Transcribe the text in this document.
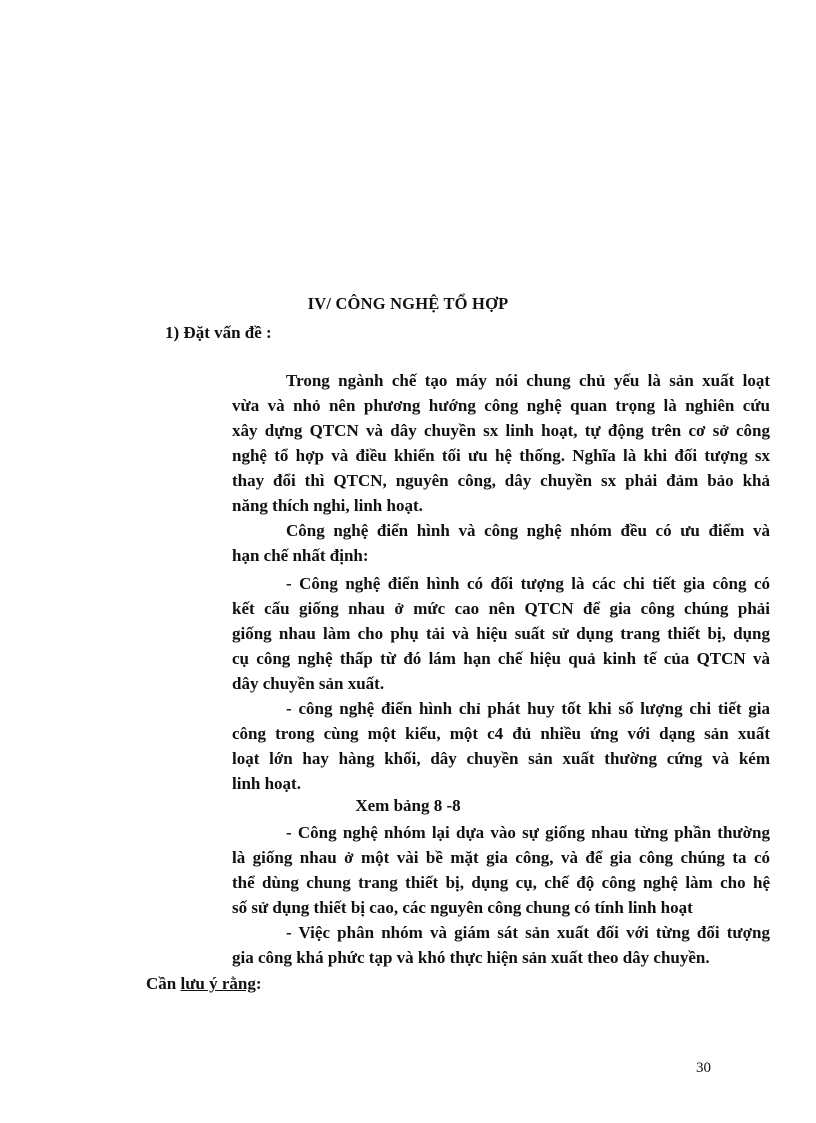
IV/ CÔNG NGHỆ TỔ HỢP
1) Đặt vấn đề :
Trong ngành chế tạo máy nói chung chủ yếu là sản xuất loạt
vừa và nhỏ nên phương hướng công nghệ quan trọng là nghiên cứu
xây dựng QTCN và dây chuyền sx linh hoạt, tự động trên cơ sở công
nghệ tổ hợp và điều khiển tối ưu hệ thống. Nghĩa là khi đối tượng sx
thay đổi thì QTCN, nguyên công, dây chuyền sx phải đảm bảo khả
năng thích nghi, linh hoạt.
Công nghệ điển hình và công nghệ nhóm đều có ưu điểm và
hạn chế nhất định:
- Công nghệ điển hình có đối tượng là các chi tiết gia công có
kết cấu giống nhau ở mức cao nên QTCN để gia công chúng phải
giống nhau làm cho phụ tải và hiệu suất sử dụng trang thiết bị, dụng
cụ công nghệ thấp từ đó lám hạn chế hiệu quả kinh tế của QTCN và
dây chuyền sản xuất.
- công nghệ điển hình chỉ phát huy tốt khi số lượng chi tiết gia
công trong cùng một kiểu, một c4 đủ nhiều ứng với dạng sản xuất
loạt lớn hay hàng khối, dây chuyền sản xuất thường cứng và kém
linh hoạt.
Xem bảng 8 -8
- Công nghệ nhóm lại dựa vào sự giống nhau từng phần thường
là giống nhau ở một vài bề mặt gia công, và để gia công chúng ta có
thể dùng chung trang thiết bị, dụng cụ, chế độ công nghệ làm cho hệ
số sử dụng thiết bị cao, các nguyên công chung có tính linh hoạt
- Việc phân nhóm và giám sát sản xuất đối với từng đối tượng
gia công khá phức tạp và khó thực hiện sản xuất theo dây chuyền.
Cần lưu ý rằng:
30
